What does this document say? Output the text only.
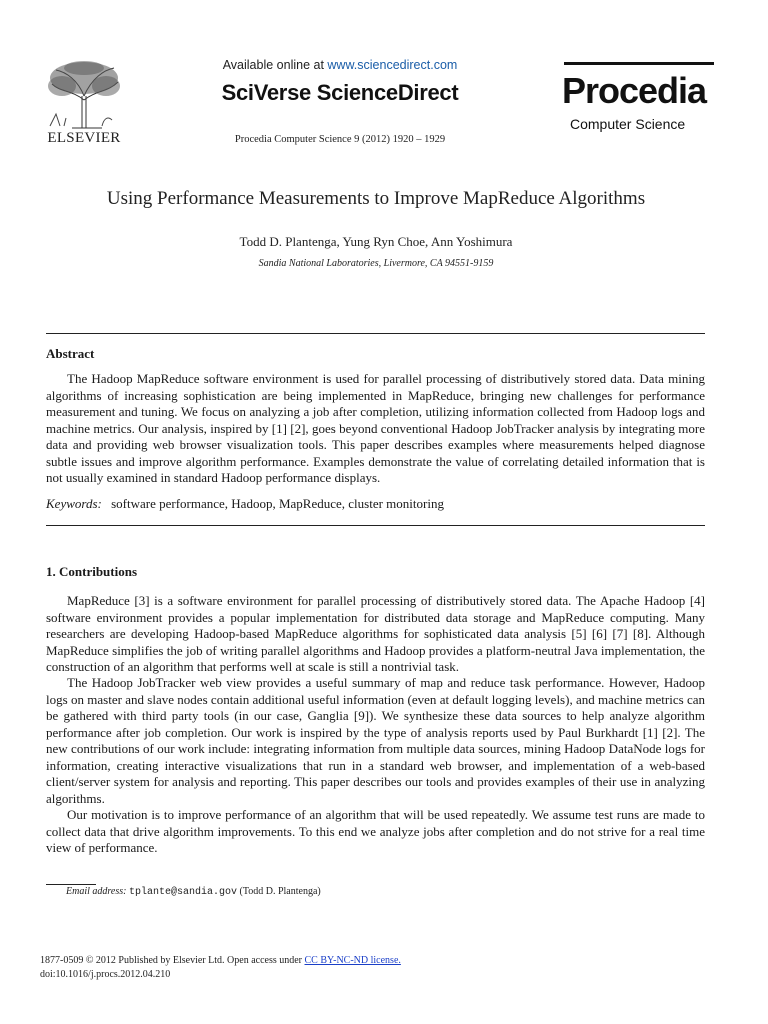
ELSEVIER
Available online at www.sciencedirect.com
SciVerse ScienceDirect
Procedia Computer Science 9 (2012) 1920 – 1929
Procedia
Computer Science
Using Performance Measurements to Improve MapReduce Algorithms
Todd D. Plantenga, Yung Ryn Choe, Ann Yoshimura
Sandia National Laboratories, Livermore, CA 94551-9159
Abstract
The Hadoop MapReduce software environment is used for parallel processing of distributively stored data. Data mining algorithms of increasing sophistication are being implemented in MapReduce, bringing new challenges for performance measurement and tuning. We focus on analyzing a job after completion, utilizing information collected from Hadoop logs and machine metrics. Our analysis, inspired by [1] [2], goes beyond conventional Hadoop JobTracker analysis by integrating more data and providing web browser visualization tools. This paper describes examples where measurements helped diagnose subtle issues and improve algorithm performance. Examples demonstrate the value of correlating detailed information that is not usually examined in standard Hadoop performance displays.
Keywords: software performance, Hadoop, MapReduce, cluster monitoring
1. Contributions
MapReduce [3] is a software environment for parallel processing of distributively stored data. The Apache Hadoop [4] software environment provides a popular implementation for distributed data storage and MapReduce computing. Many researchers are developing Hadoop-based MapReduce algorithms for sophisticated data analysis [5] [6] [7] [8]. Although MapReduce simplifies the job of writing parallel algorithms and Hadoop provides a platform-neutral Java implementation, the construction of an algorithm that performs well at scale is still a nontrivial task.
The Hadoop JobTracker web view provides a useful summary of map and reduce task performance. However, Hadoop logs on master and slave nodes contain additional useful information (even at default logging levels), and machine metrics can be gathered with third party tools (in our case, Ganglia [9]). We synthesize these data sources to help analyze algorithm performance after job completion. Our work is inspired by the type of analysis reports used by Paul Burkhardt [1] [2]. The new contributions of our work include: integrating information from multiple data sources, mining Hadoop DataNode logs for information, creating interactive visualizations that run in a standard web browser, and implementation of a web-based client/server system for analysis and reporting. This paper describes our tools and provides examples of their use in analyzing algorithms.
Our motivation is to improve performance of an algorithm that will be used repeatedly. We assume test runs are made to collect data that drive algorithm improvements. To this end we analyze jobs after completion and do not strive for a real time view of performance.
Email address: tplante@sandia.gov (Todd D. Plantenga)
1877-0509 © 2012 Published by Elsevier Ltd. Open access under CC BY-NC-ND license.
doi:10.1016/j.procs.2012.04.210
